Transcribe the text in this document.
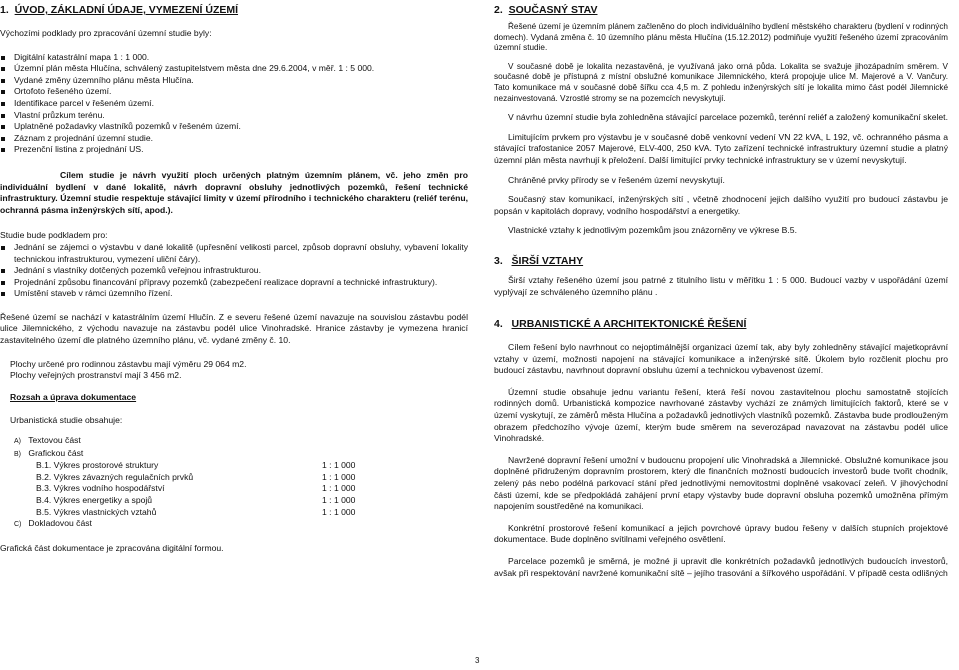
1. ÚVOD, ZÁKLADNÍ ÚDAJE, VYMEZENÍ ÚZEMÍ

Výchozími podklady pro zpracování územní studie byly:

Digitální katastrální mapa 1 : 1 000.
Územní plán města Hlučína, schválený zastupitelstvem města dne 29.6.2004, v měř. 1 : 5 000.
Vydané změny územního plánu města Hlučína.
Ortofoto řešeného území.
Identifikace parcel v řešeném území.
Vlastní průzkum terénu.
Uplatněné požadavky vlastníků pozemků v řešeném území.
Záznam z projednání územní studie.
Prezenční listina z projednání US.

Cílem studie je návrh využití ploch určených platným územním plánem, vč. jeho změn pro individuální bydlení v dané lokalitě, návrh dopravní obsluhy jednotlivých pozemků, řešení technické infrastruktury. Územní studie respektuje stávající limity v území přírodního i technického charakteru (reliéf terénu, ochranná pásma inženýrských sítí, apod.).

Studie bude podkladem pro:

Jednání se zájemci o výstavbu v dané lokalitě (upřesnění velikosti parcel, způsob dopravní obsluhy, vybavení lokality technickou infrastrukturou, vymezení uliční čáry).
Jednání s vlastníky dotčených pozemků veřejnou infrastrukturou.
Projednání způsobu financování přípravy pozemků (zabezpečení realizace dopravní a technické infrastruktury).
Umístění staveb v rámci územního řízení.

Řešené území se nachází v katastrálním území Hlučín. Z e severu řešené území navazuje na souvislou zástavbu podél ulice Jilemnického, z východu navazuje na zástavbu podél ulice Vinohradské. Hranice zástavby je vymezena hranicí zastavitelného území dle platného územního plánu, vč. vydané změny č. 10.

Plochy určené pro rodinnou zástavbu mají výměru 29 064 m2.

Plochy veřejných prostranství mají 3 456 m2.

Rozsah a úprava dokumentace

Urbanistická studie obsahuje:

A) Textovou část
B) Grafickou část
B.1. Výkres prostorové struktury	1 : 1 000
B.2. Výkres závazných regulačních prvků	1 : 1 000
B.3. Výkres vodního hospodářství	1 : 1 000
B.4. Výkres energetiky a spojů	1 : 1 000
B.5. Výkres vlastnických vztahů	1 : 1 000
C) Dokladovou část

Grafická část dokumentace je zpracována digitální formou.

2. SOUČASNÝ STAV

Řešené území je územním plánem začleněno do ploch individuálního bydlení městského charakteru (bydlení v rodinných domech). Vydaná změna č. 10 územního plánu města Hlučína (15.12.2012) podmiňuje využití řešeného území zpracováním územní studie.

V současné době je lokalita nezastavěná, je využívaná jako orná půda. Lokalita se svažuje jihozápadním směrem. V současné době je přístupná z místní obslužné komunikace Jilemnického, která propojuje ulice M. Majerové a V. Vančury. Tato komunikace má v současné době šířku cca 4,5 m. Z pohledu inženýrských sítí je lokalita mimo část podél Jilemnické nezainvestovaná. Vzrostlé stromy se na pozemcích nevyskytují.

V návrhu územní studie byla zohledněna stávající parcelace pozemků, terénní reliéf a založený komunikační skelet.

Limitujícím prvkem pro výstavbu je v současné době venkovní vedení VN 22 kVA, L 192, vč. ochranného pásma a stávající trafostanice 2057 Majerové, ELV-400, 250 kVA. Tyto zařízení technické infrastruktury územní studie a platný územní plán města navrhují k přeložení. Další limitující prvky technické infrastruktury se v území nevyskytují.

Chráněné prvky přírody se v řešeném území nevyskytují.

Současný stav komunikací, inženýrských sítí , včetně zhodnocení jejich dalšího využití pro budoucí zástavbu je popsán v kapitolách dopravy, vodního hospodářství a energetiky.

Vlastnické vztahy k jednotlivým pozemkům jsou znázorněny ve výkrese B.5.

3. ŠIRŠÍ VZTAHY

Širší vztahy řešeného území jsou patrné z titulního listu v měřítku 1 : 5 000. Budoucí vazby v uspořádání území vyplývají ze schváleného územního plánu .

4. URBANISTICKÉ A ARCHITEKTONICKÉ ŘEŠENÍ

Cílem řešení bylo navrhnout co nejoptimálnější organizaci území tak, aby byly zohledněny stávající majetkoprávní vztahy v území, možnosti napojení na stávající komunikace a inženýrské sítě. Úkolem bylo rozčlenit plochu pro budoucí zástavbu, navrhnout dopravní obsluhu území a technickou vybavenost území.

Územní studie obsahuje jednu variantu řešení, která řeší novou zastavitelnou plochu samostatně stojících rodinných domů. Urbanistická kompozice navrhované zástavby vychází ze známých limitujících faktorů, které se v území vyskytují, ze záměrů města Hlučína a požadavků jednotlivých vlastníků pozemků. Zástavba bude prodlouženým obrazem předchozího vývoje území, kterým bude směrem na severozápad navazovat na zástavbu podél ulice Vinohradské.

Navržené dopravní řešení umožní v budoucnu propojení ulic Vinohradská a Jilemnické. Obslužné komunikace jsou doplněné přidruženým dopravním prostorem, který dle finančních možností budoucích investorů bude tvořit chodník, zelený pás nebo podélná parkovací stání před jednotlivými nemovitostmi doplněné vsakovací zeleň. V jihovýchodní části území, kde se předpokládá zahájení první etapy výstavby bude dopravní obsluha pozemků umožněna přímým napojením soustředěné na komunikaci.

Konkrétní prostorové řešení komunikací a jejich povrchové úpravy budou řešeny v dalších stupních projektové dokumentace. Bude doplněno svítilnami veřejného osvětlení.

Parcelace pozemků je směrná, je možné ji upravit dle konkrétních požadavků jednotlivých budoucích investorů, avšak při respektování navržené komunikační sítě – jejího trasování a šířkového uspořádání. V případě cesta odlišných

3
